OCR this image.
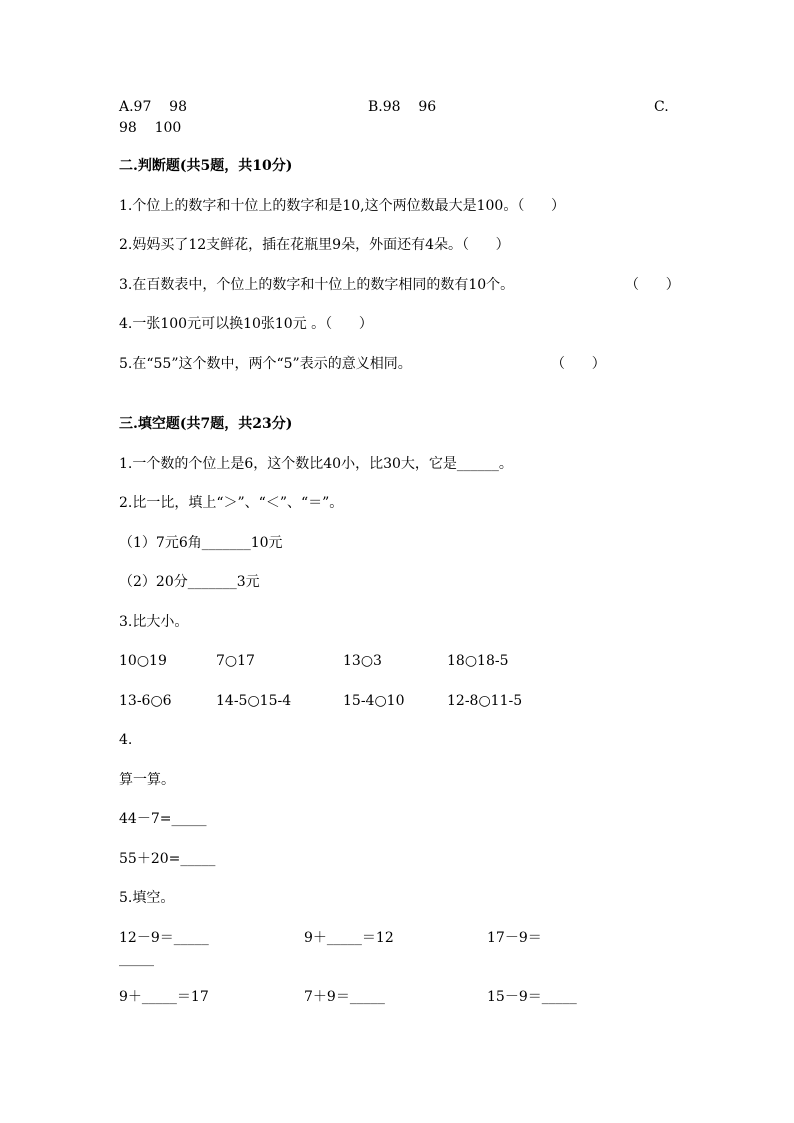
A.97    98	B.98    96	C.
98    100
二.判断题(共5题，共10分)
1.个位上的数字和十位上的数字和是10,这个两位数最大是100。（      ）
2.妈妈买了12支鲜花，插在花瓶里9朵，外面还有4朵。（      ）
3.在百数表中，个位上的数字和十位上的数字相同的数有10个。	（      ）
4.一张100元可以换10张10元 。（      ）
5.在“55”这个数中，两个“5”表示的意义相同。	（      ）
三.填空题(共7题，共23分)
1.一个数的个位上是6，这个数比40小，比30大，它是______。
2.比一比，填上“＞”、“＜”、“＝”。
（1）7元6角_______10元
（2）20分_______3元
3.比大小。
10○19	7○17	13○3	18○18-5
13-6○6	14-5○15-4	15-4○10	12-8○11-5
4.
算一算。
44－7=_____
55＋20=_____
5.填空。
12－9＝_____	9＋_____＝12	17－9＝
_____
9＋_____＝17	7＋9＝_____	15－9＝_____
